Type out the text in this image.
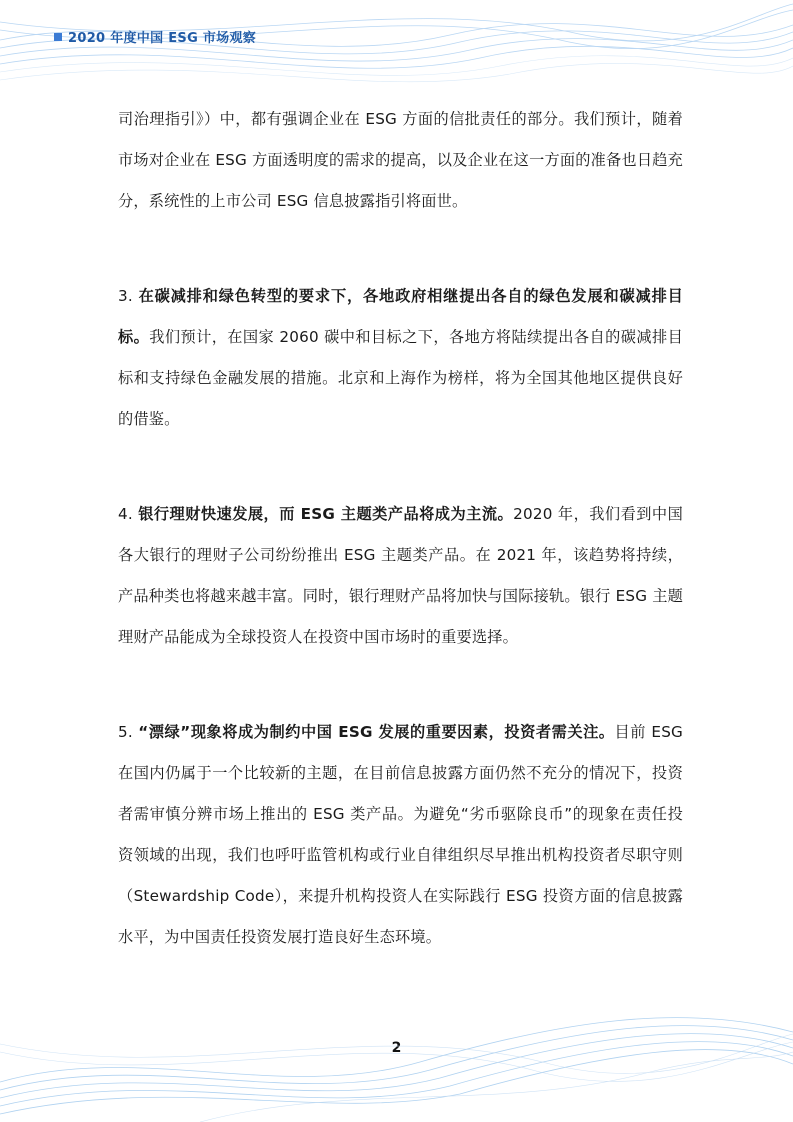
2020 年度中国 ESG 市场观察

司治理指引》）中，都有强调企业在 ESG 方面的信批责任的部分。我们预计，随着市场对企业在 ESG 方面透明度的需求的提高，以及企业在这一方面的准备也日趋充分，系统性的上市公司 ESG 信息披露指引将面世。

3. 在碳减排和绿色转型的要求下，各地政府相继提出各自的绿色发展和碳减排目标。我们预计，在国家 2060 碳中和目标之下，各地方将陆续提出各自的碳减排目标和支持绿色金融发展的措施。北京和上海作为榜样，将为全国其他地区提供良好的借鉴。

4. 银行理财快速发展，而 ESG 主题类产品将成为主流。2020 年，我们看到中国各大银行的理财子公司纷纷推出 ESG 主题类产品。在 2021 年，该趋势将持续，产品种类也将越来越丰富。同时，银行理财产品将加快与国际接轨。银行 ESG 主题理财产品能成为全球投资人在投资中国市场时的重要选择。

5. “漂绿”现象将成为制约中国 ESG 发展的重要因素，投资者需关注。目前 ESG 在国内仍属于一个比较新的主题，在目前信息披露方面仍然不充分的情况下，投资者需审慎分辨市场上推出的 ESG 类产品。为避免“劣币驱除良币”的现象在责任投资领域的出现，我们也呼吁监管机构或行业自律组织尽早推出机构投资者尽职守则（Stewardship Code），来提升机构投资人在实际践行 ESG 投资方面的信息披露水平，为中国责任投资发展打造良好生态环境。

2
